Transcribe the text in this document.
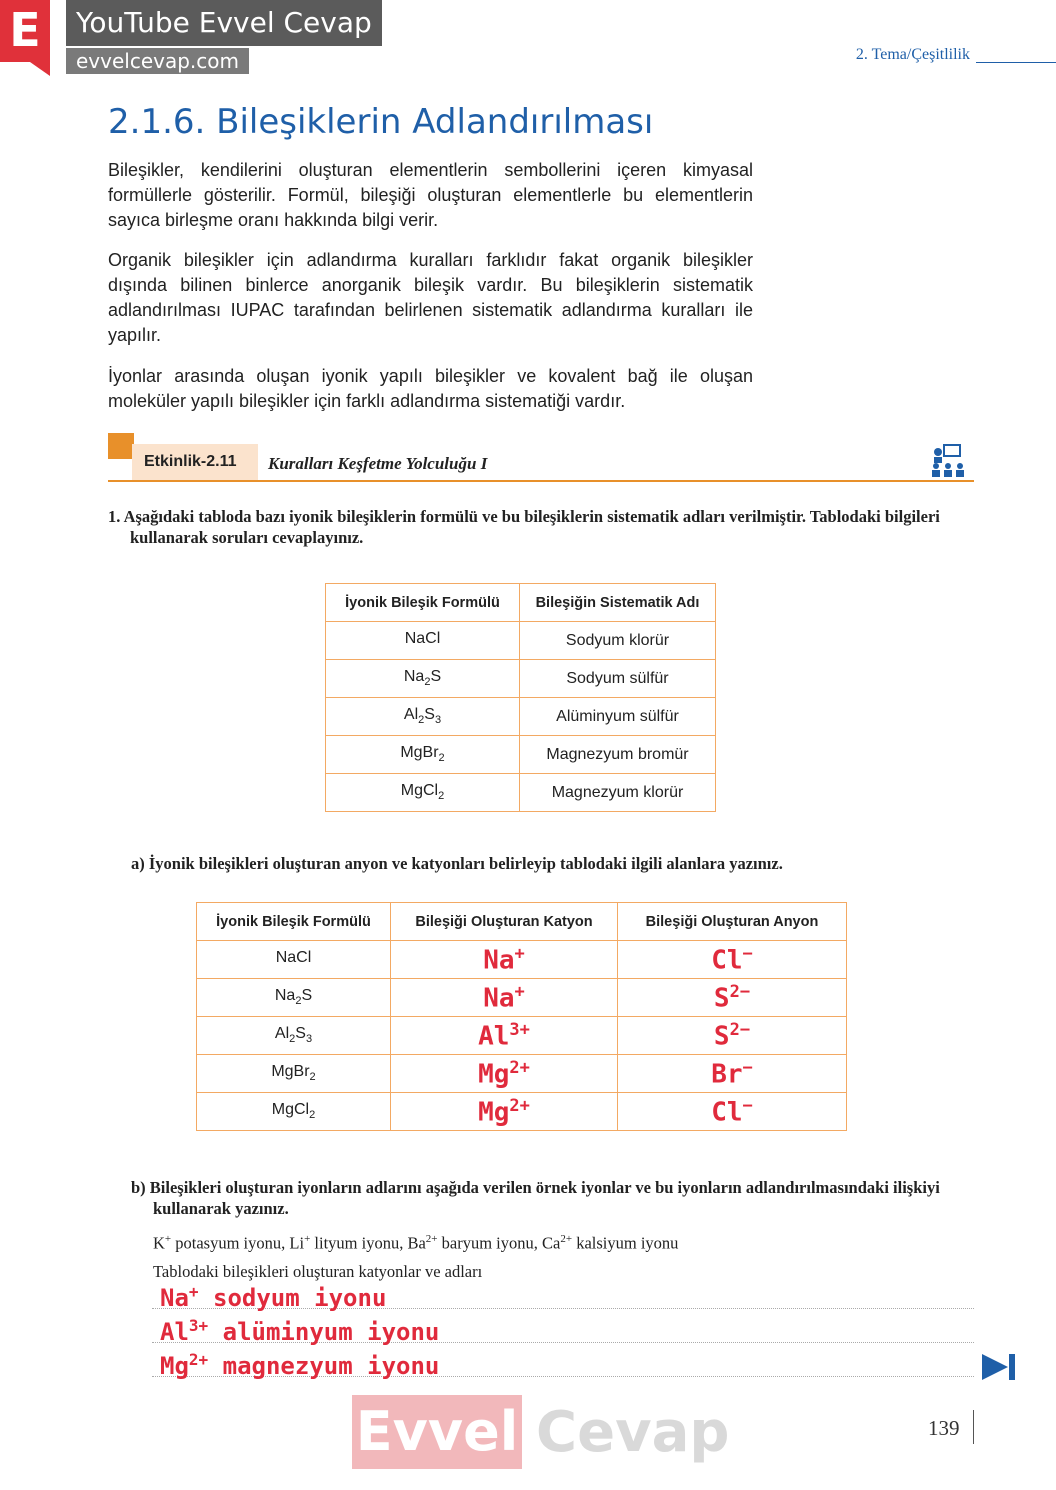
E	YouTube Evvel Cevap
evvelcevap.com	2. Tema/Çeşitlilik
2.1.6. Bileşiklerin Adlandırılması

Bileşikler, kendilerini oluşturan elementlerin sembollerini içeren kimyasal formüllerle gösterilir. Formül, bileşiği oluşturan elementlerle bu elementlerin sayıca birleşme oranı hakkında bilgi verir.

Organik bileşikler için adlandırma kuralları farklıdır fakat organik bileşikler dışında bilinen binlerce anorganik bileşik vardır. Bu bileşiklerin sistematik adlandırılması IUPAC tarafından belirlenen sistematik adlandırma kuralları ile yapılır.

İyonlar arasında oluşan iyonik yapılı bileşikler ve kovalent bağ ile oluşan moleküler yapılı bileşikler için farklı adlandırma sistematiği vardır.

Etkinlik-2.11	Kuralları Keşfetme Yolculuğu I

1. Aşağıdaki tabloda bazı iyonik bileşiklerin formülü ve bu bileşiklerin sistematik adları verilmiştir. Tablodaki bilgileri kullanarak soruları cevaplayınız.

İyonik Bileşik Formülü	Bileşiğin Sistematik Adı
NaCl	Sodyum klorür
$Na_2S$	Sodyum sülfür
$Al_2S_3$	Alüminyum sülfür
MgBr$_2$	Magnezyum bromür
MgCl$_2$	Magnezyum klorür

a) İyonik bileşikleri oluşturan anyon ve katyonları belirleyip tablodaki ilgili alanlara yazınız.

İyonik Bileşik Formülü	Bileşiği Oluşturan Katyon	Bileşiği Oluşturan Anyon
NaCl	Na+	Cl−
$Na_2S$	Na+	$S^{2-}$
$Al_2S_3$	$Al^{3+}$	$S^{2-}$
MgBr$_2$	$Mg^{2+}$	Br−
MgCl$_2$	$Mg^{2+}$	Cl−

b) Bileşikleri oluşturan iyonların adlarını aşağıda verilen örnek iyonlar ve bu iyonların adlandırılmasındaki ilişkiyi kullanarak yazınız.

K+ potasyum iyonu, Li+ lityum iyonu, $Ba^{2+}$ baryum iyonu, $Ca^{2+}$ kalsiyum iyonu
Tablodaki bileşikleri oluşturan katyonlar ve adları
Na+ sodyum iyonu
$Al^{3+}$ alüminyum iyonu
$Mg^{2+}$ magnezyum iyonu
139
Evvel Cevap
